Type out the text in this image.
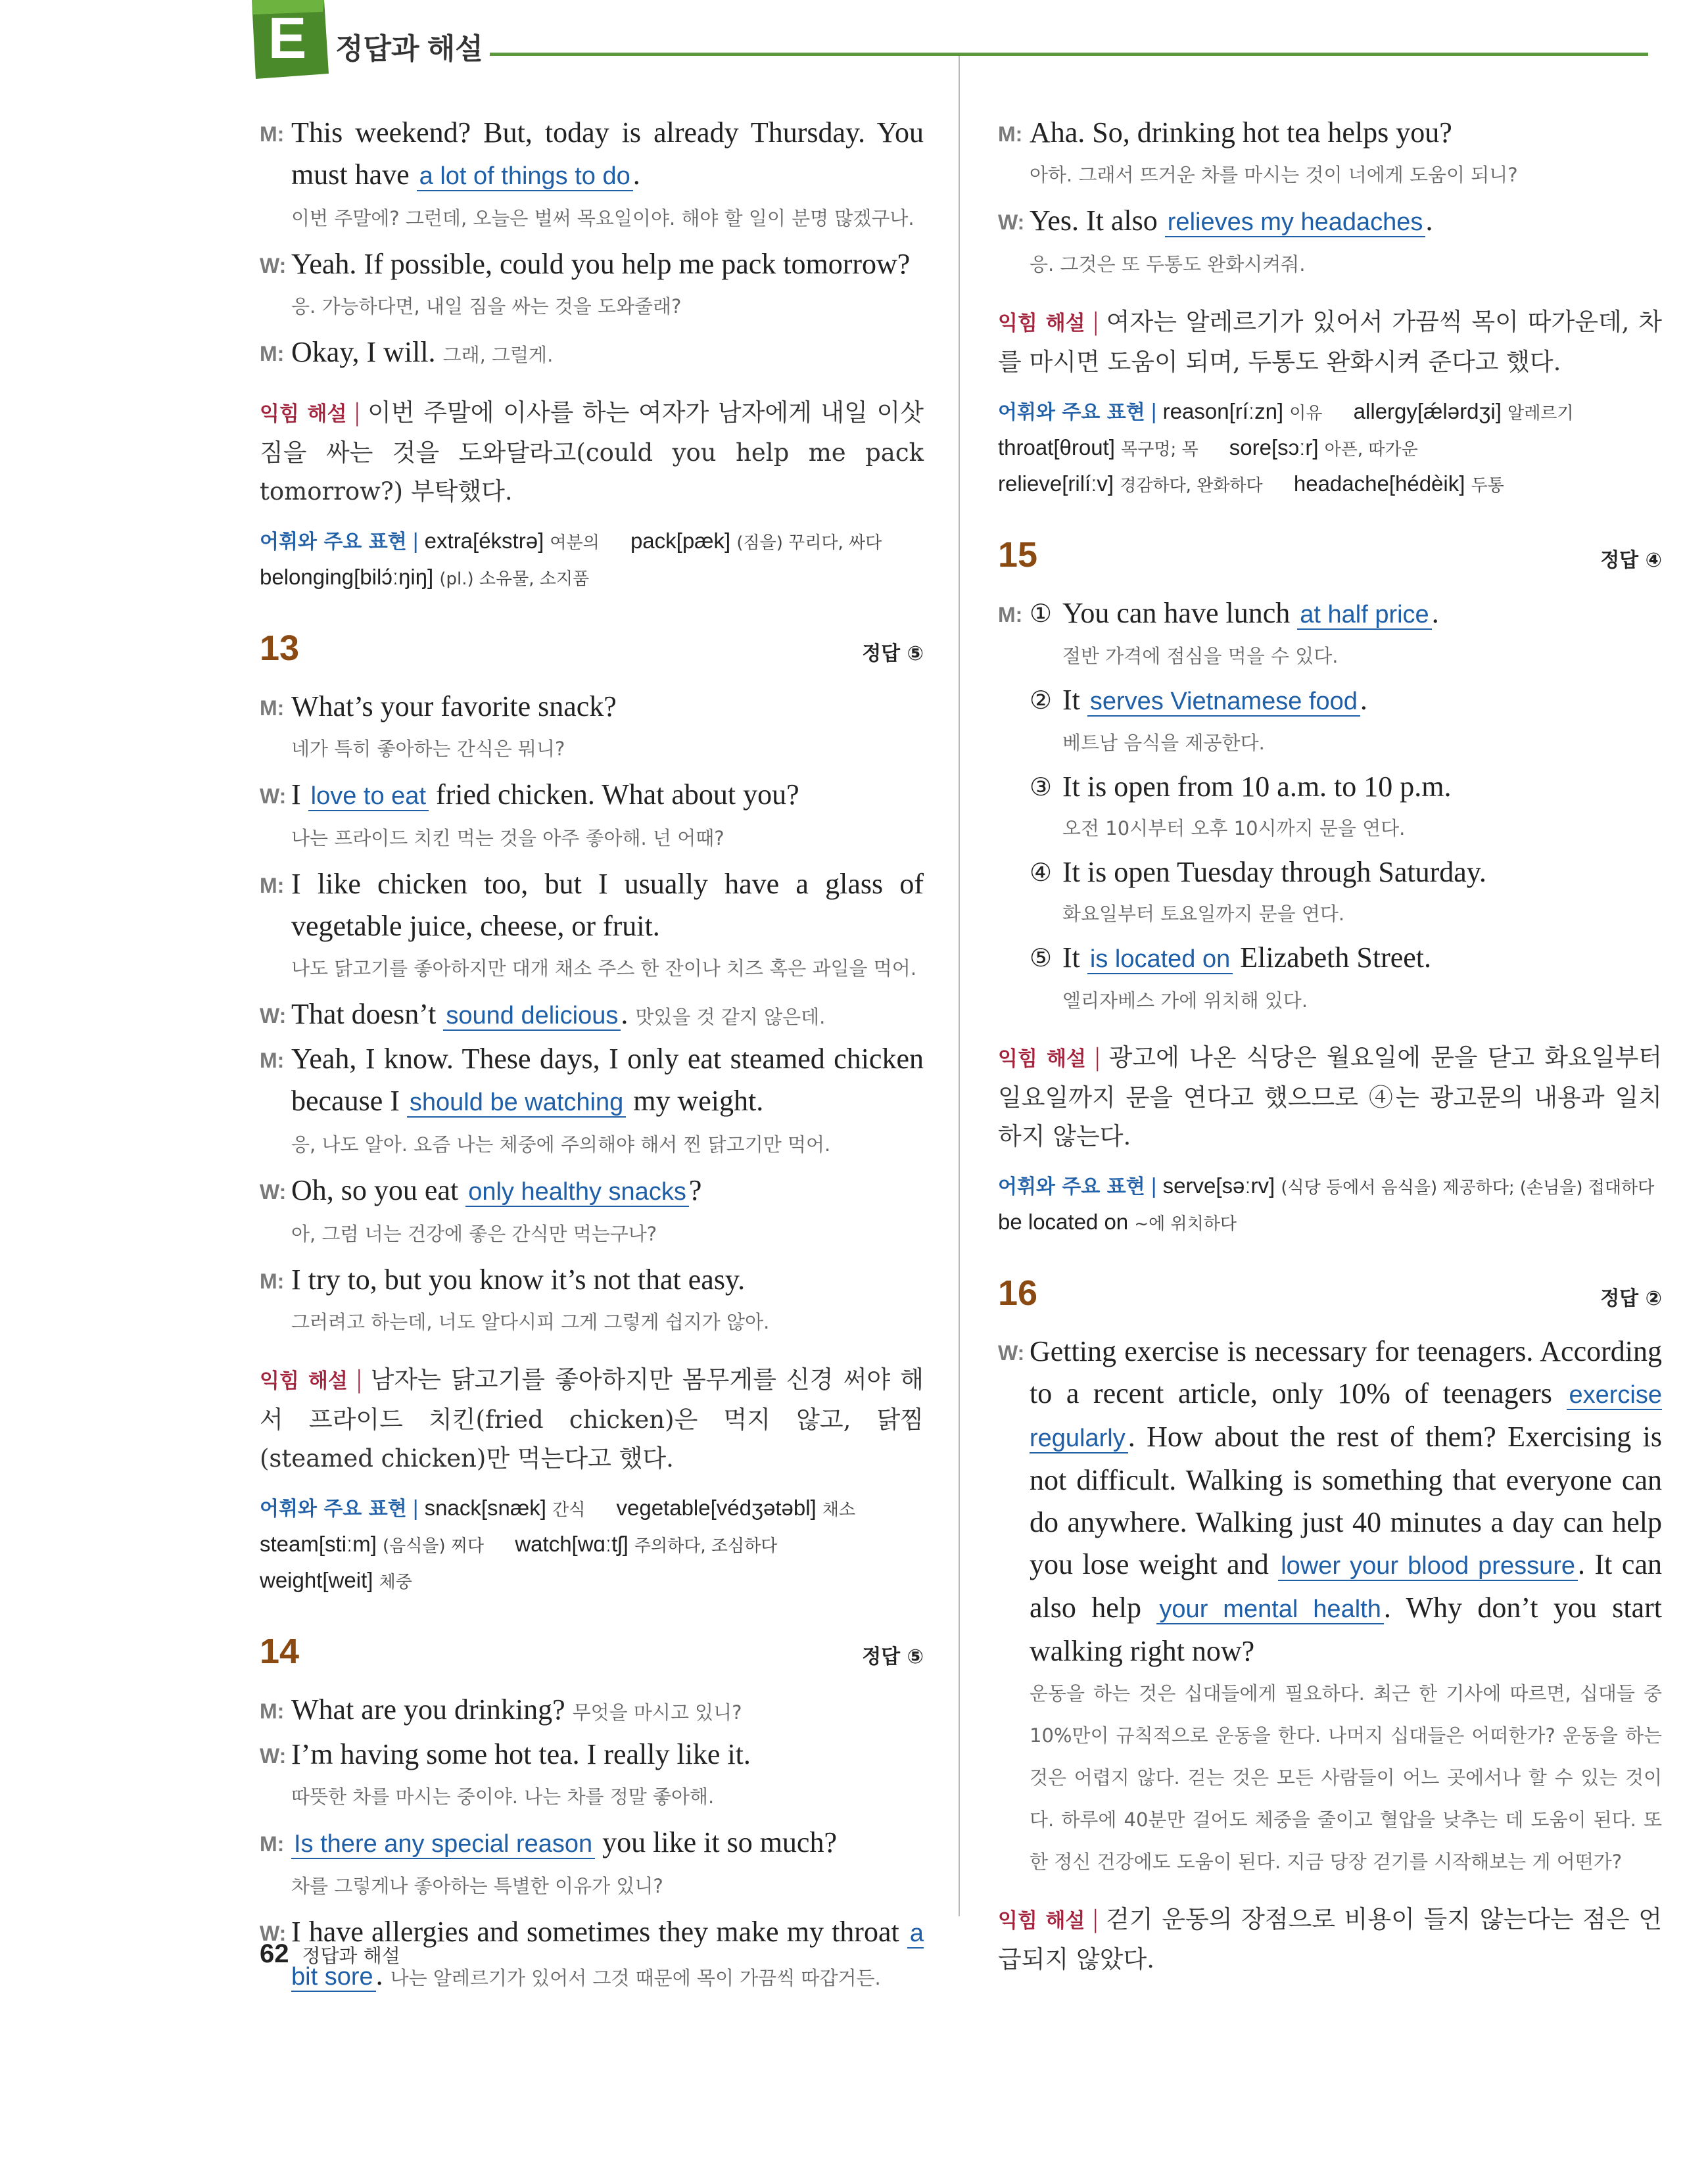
E 정답과 해설
M: This weekend? But, today is already Thursday. You must have a lot of things to do.
이번 주말에? 그런데, 오늘은 벌써 목요일이야. 해야 할 일이 분명 많겠구나.
W: Yeah. If possible, could you help me pack tomorrow?
응. 가능하다면, 내일 짐을 싸는 것을 도와줄래?
M: Okay, I will. 그래, 그럴게.
익힘 해설 | 이번 주말에 이사를 하는 여자가 남자에게 내일 이삿짐을 싸는 것을 도와달라고(could you help me pack tomorrow?) 부탁했다.
어휘와 주요 표현 | extra[ékstrə] 여분의 pack[pæk] (짐을) 꾸리다, 싸다
belonging[bilɔ́ːŋiŋ] (pl.) 소유물, 소지품
13	정답 ⑤
M: What’s your favorite snack?
네가 특히 좋아하는 간식은 뭐니?
W: I love to eat fried chicken. What about you?
나는 프라이드 치킨 먹는 것을 아주 좋아해. 넌 어때?
M: I like chicken too, but I usually have a glass of vegetable juice, cheese, or fruit.
나도 닭고기를 좋아하지만 대개 채소 주스 한 잔이나 치즈 혹은 과일을 먹어.
W: That doesn’t sound delicious. 맛있을 것 같지 않은데.
M: Yeah, I know. These days, I only eat steamed chicken because I should be watching my weight.
응, 나도 알아. 요즘 나는 체중에 주의해야 해서 찐 닭고기만 먹어.
W: Oh, so you eat only healthy snacks?
아, 그럼 너는 건강에 좋은 간식만 먹는구나?
M: I try to, but you know it’s not that easy.
그러려고 하는데, 너도 알다시피 그게 그렇게 쉽지가 않아.
익힘 해설 | 남자는 닭고기를 좋아하지만 몸무게를 신경 써야 해서 프라이드 치킨(fried chicken)은 먹지 않고, 닭찜(steamed chicken)만 먹는다고 했다.
어휘와 주요 표현 | snack[snæk] 간식 vegetable[védʒətəbl] 채소
steam[stiːm] (음식을) 찌다 watch[wɑːtʃ] 주의하다, 조심하다
weight[weit] 체중
14	정답 ⑤
M: What are you drinking? 무엇을 마시고 있니?
W: I’m having some hot tea. I really like it.
따뜻한 차를 마시는 중이야. 나는 차를 정말 좋아해.
M: Is there any special reason you like it so much?
차를 그렇게나 좋아하는 특별한 이유가 있니?
W: I have allergies and sometimes they make my throat a bit sore. 나는 알레르기가 있어서 그것 때문에 목이 가끔씩 따갑거든.
M: Aha. So, drinking hot tea helps you?
아하. 그래서 뜨거운 차를 마시는 것이 너에게 도움이 되니?
W: Yes. It also relieves my headaches.
응. 그것은 또 두통도 완화시켜줘.
익힘 해설 | 여자는 알레르기가 있어서 가끔씩 목이 따가운데, 차를 마시면 도움이 되며, 두통도 완화시켜 준다고 했다.
어휘와 주요 표현 | reason[ríːzn] 이유 allergy[ǽlərdʒi] 알레르기
throat[θrout] 목구멍; 목 sore[sɔːr] 아픈, 따가운
relieve[rilíːv] 경감하다, 완화하다 headache[hédèik] 두통
15	정답 ④
M: ① You can have lunch at half price.
절반 가격에 점심을 먹을 수 있다.
② It serves Vietnamese food.
베트남 음식을 제공한다.
③ It is open from 10 a.m. to 10 p.m.
오전 10시부터 오후 10시까지 문을 연다.
④ It is open Tuesday through Saturday.
화요일부터 토요일까지 문을 연다.
⑤ It is located on Elizabeth Street.
엘리자베스 가에 위치해 있다.
익힘 해설 | 광고에 나온 식당은 월요일에 문을 닫고 화요일부터 일요일까지 문을 연다고 했으므로 ④는 광고문의 내용과 일치하지 않는다.
어휘와 주요 표현 | serve[səːrv] (식당 등에서 음식을) 제공하다; (손님을) 접대하다
be located on ~에 위치하다
16	정답 ②
W: Getting exercise is necessary for teenagers. According to a recent article, only 10% of teenagers exercise regularly. How about the rest of them? Exercising is not difficult. Walking is something that everyone can do anywhere. Walking just 40 minutes a day can help you lose weight and lower your blood pressure. It can also help your mental health. Why don’t you start walking right now?
운동을 하는 것은 십대들에게 필요하다. 최근 한 기사에 따르면, 십대들 중 10%만이 규칙적으로 운동을 한다. 나머지 십대들은 어떠한가? 운동을 하는 것은 어렵지 않다. 걷는 것은 모든 사람들이 어느 곳에서나 할 수 있는 것이다. 하루에 40분만 걸어도 체중을 줄이고 혈압을 낮추는 데 도움이 된다. 또한 정신 건강에도 도움이 된다. 지금 당장 걷기를 시작해보는 게 어떤가?
익힘 해설 | 걷기 운동의 장점으로 비용이 들지 않는다는 점은 언급되지 않았다.
62 정답과 해설
